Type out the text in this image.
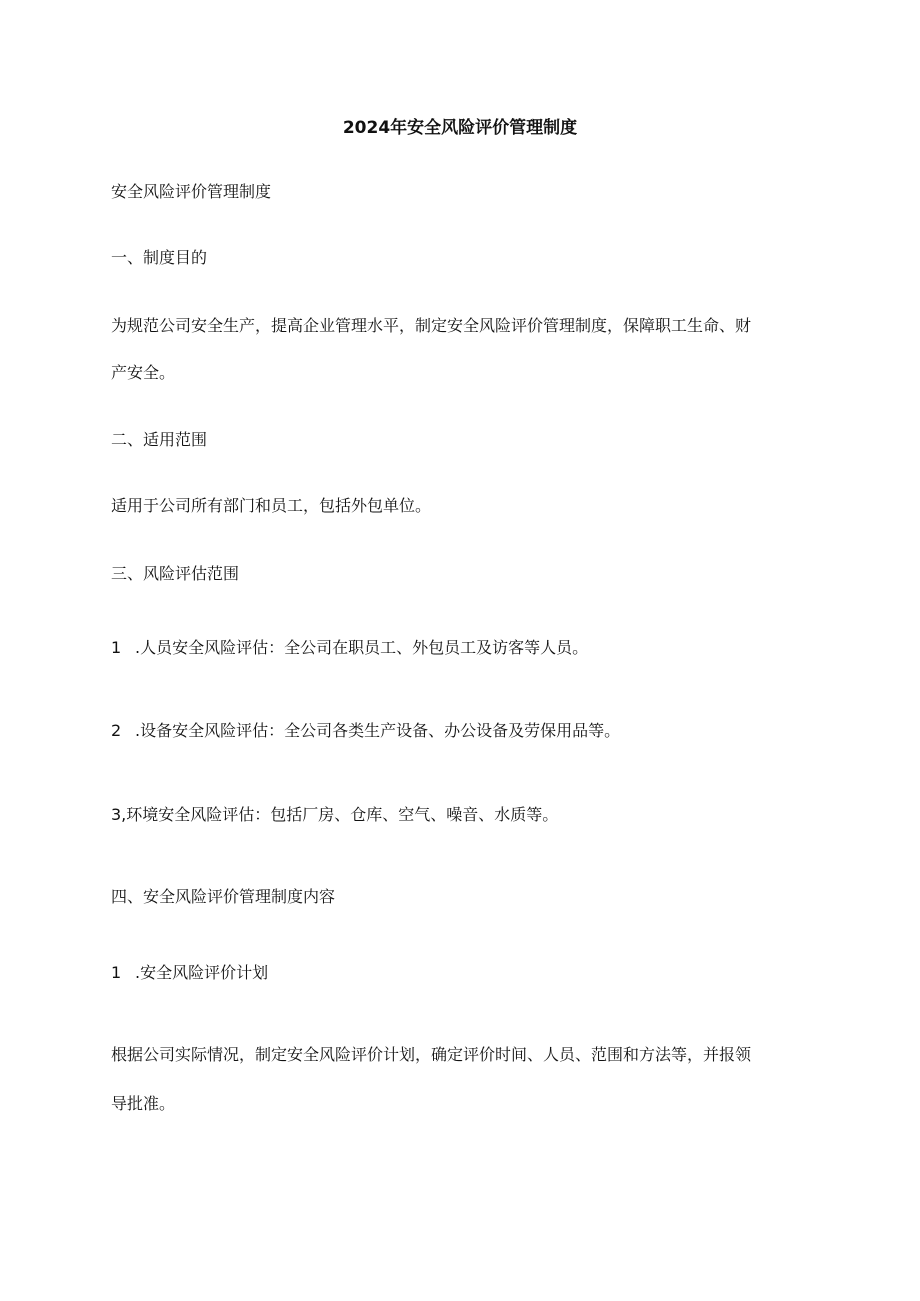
2024年安全风险评价管理制度
安全风险评价管理制度
一、制度目的
为规范公司安全生产，提高企业管理水平，制定安全风险评价管理制度，保障职工生命、财
产安全。
二、适用范围
适用于公司所有部门和员工，包括外包单位。
三、风险评估范围
1 .人员安全风险评估：全公司在职员工、外包员工及访客等人员。
2 .设备安全风险评估：全公司各类生产设备、办公设备及劳保用品等。
3,环境安全风险评估：包括厂房、仓库、空气、噪音、水质等。
四、安全风险评价管理制度内容
1 .安全风险评价计划
根据公司实际情况，制定安全风险评价计划，确定评价时间、人员、范围和方法等，并报领
导批准。
